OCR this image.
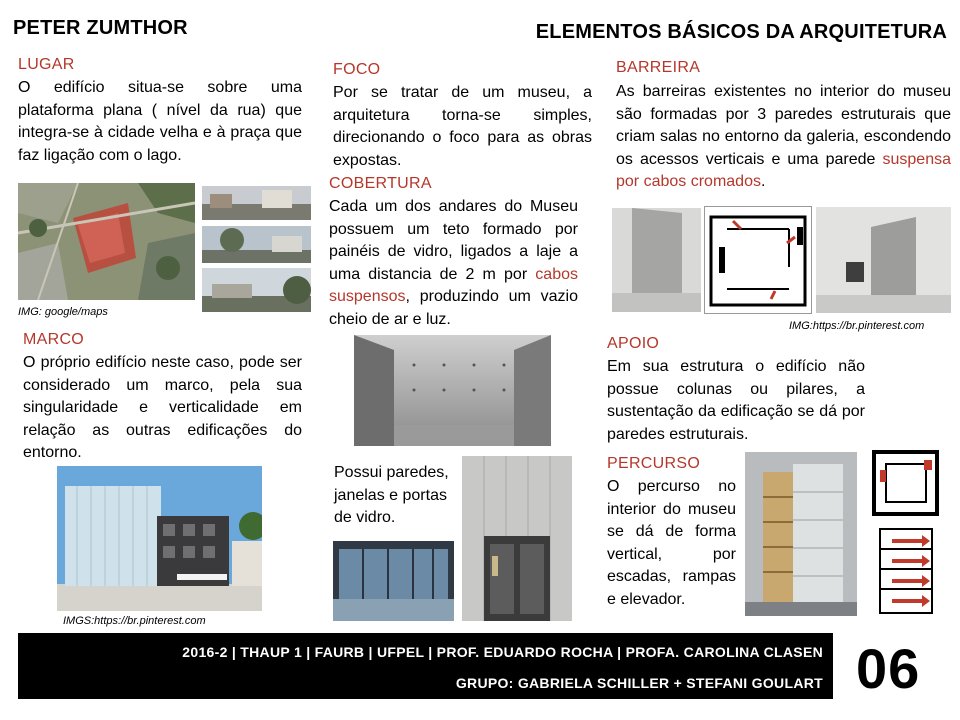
PETER ZUMTHOR	ELEMENTOS BÁSICOS DA ARQUITETURA
LUGAR
O edifício situa-se sobre uma plataforma plana ( nível da rua) que integra-se à cidade velha e à praça que faz ligação com o lago.
IMG: google/maps
MARCO
O próprio edifício neste caso, pode ser considerado um marco, pela sua singularidade e verticalidade em relação as outras edificações do entorno.
IMGS:https://br.pinterest.com
FOCO
Por se tratar de um museu, a arquitetura torna-se simples, direcionando o foco para as obras expostas.
COBERTURA
Cada um dos andares do Museu possuem um teto formado por painéis de vidro, ligados a laje a uma distancia de 2 m por cabos suspensos, produzindo um vazio cheio de ar e luz.
Possui paredes, janelas e portas de vidro.
BARREIRA
As barreiras existentes no interior do museu são formadas por 3 paredes estruturais que criam salas no entorno da galeria, escondendo os acessos verticais e uma parede suspensa por cabos cromados.
IMG:https://br.pinterest.com
APOIO
Em sua estrutura o edifício não possue colunas ou pilares, a sustentação da edificação se dá por paredes estruturais.
PERCURSO
O percurso no interior do museu se dá de forma vertical, por escadas, rampas e elevador.
2016-2 | THAUP 1 | FAURB | UFPEL | PROF. EDUARDO ROCHA | PROFA. CAROLINA CLASEN
GRUPO: GABRIELA SCHILLER + STEFANI GOULART 06
